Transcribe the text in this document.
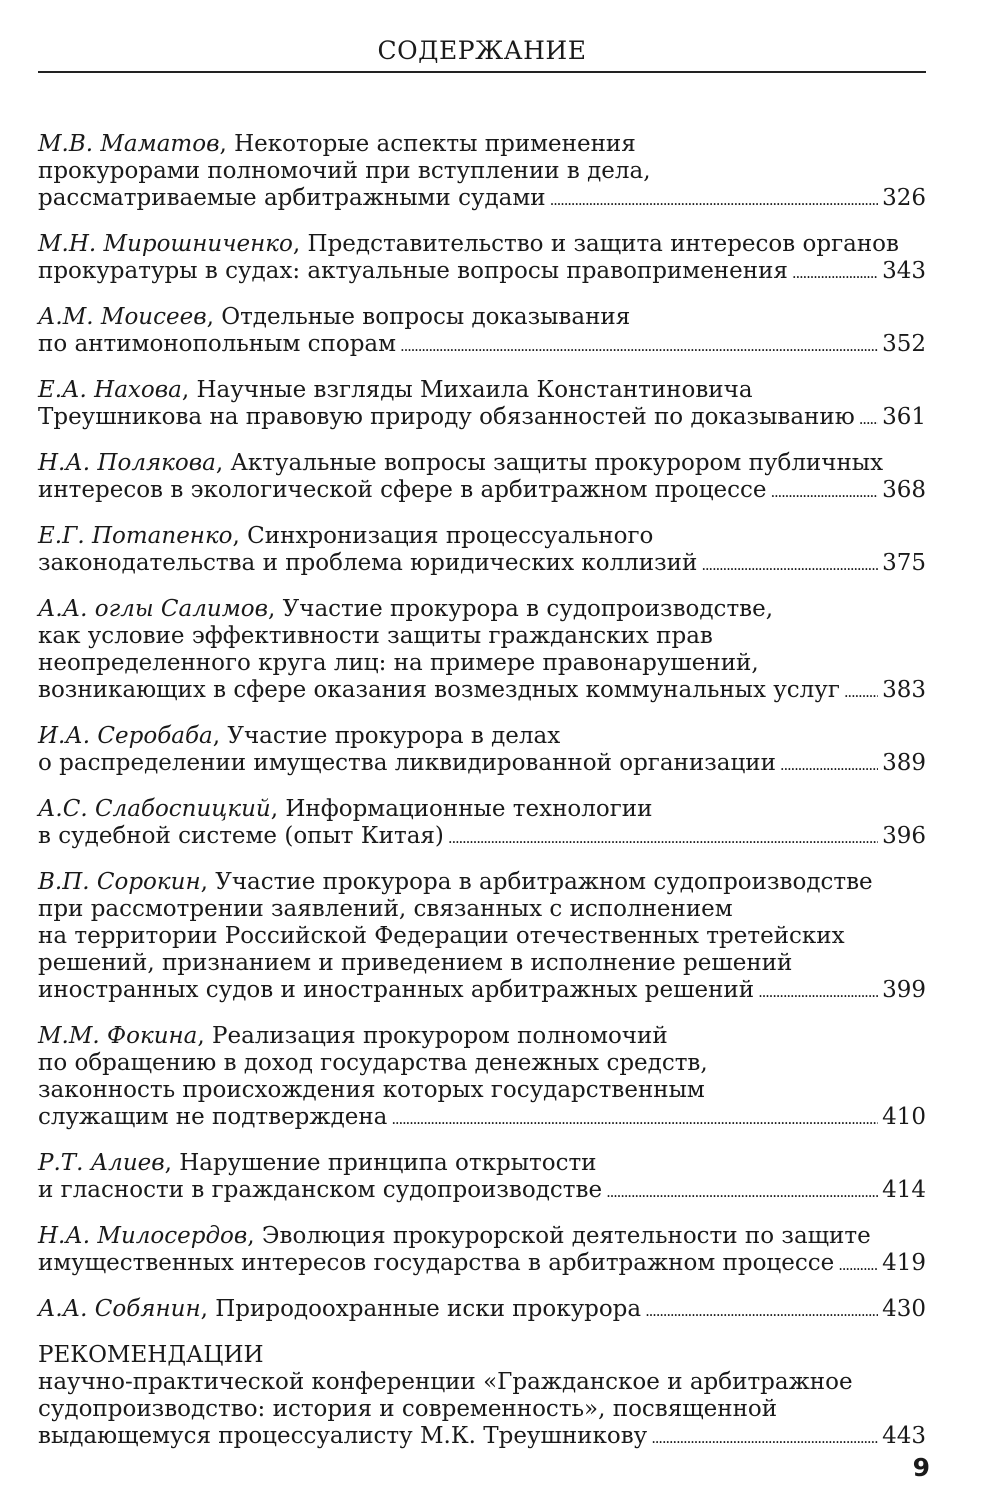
СОДЕРЖАНИЕ
М.В. Маматов, Некоторые аспекты применения
прокурорами полномочий при вступлении в дела,
рассматриваемые арбитражными судами . . .	326
М.Н. Мирошниченко, Представительство и защита интересов органов
прокуратуры в судах: актуальные вопросы правоприменения . . .	343
А.М. Моисеев, Отдельные вопросы доказывания
по антимонопольным спорам . . .	352
Е.А. Нахова, Научные взгляды Михаила Константиновича
Треушникова на правовую природу обязанностей по доказыванию . . . 361
Н.А. Полякова, Актуальные вопросы защиты прокурором публичных
интересов в экологической сфере в арбитражном процессе . . .	368
Е.Г. Потапенко, Синхронизация процессуального
законодательства и проблема юридических коллизий . . .	375
А.А. оглы Салимов, Участие прокурора в судопроизводстве,
как условие эффективности защиты гражданских прав
неопределенного круга лиц: на примере правонарушений,
возникающих в сфере оказания возмездных коммунальных услуг . . . 383
И.А. Серобаба, Участие прокурора в делах
о распределении имущества ликвидированной организации . . .	389
А.С. Слабоспицкий, Информационные технологии
в судебной системе (опыт Китая) . . .	396
В.П. Сорокин, Участие прокурора в арбитражном судопроизводстве
при рассмотрении заявлений, связанных с исполнением
на территории Российской Федерации отечественных третейских
решений, признанием и приведением в исполнение решений
иностранных судов и иностранных арбитражных решений . . .	399
М.М. Фокина, Реализация прокурором полномочий
по обращению в доход государства денежных средств,
законность происхождения которых государственным
служащим не подтверждена . . .	410
Р.Т. Алиев, Нарушение принципа открытости
и гласности в гражданском судопроизводстве . . .	414
Н.А. Милосердов, Эволюция прокурорской деятельности по защите
имущественных интересов государства в арбитражном процессе . . . 419
А.А. Собянин, Природоохранные иски прокурора . . .	430
РЕКОМЕНДАЦИИ
научно-практической конференции «Гражданское и арбитражное
судопроизводство: история и современность», посвященной
выдающемуся процессуалисту М.К. Треушникову . . .	443
9
